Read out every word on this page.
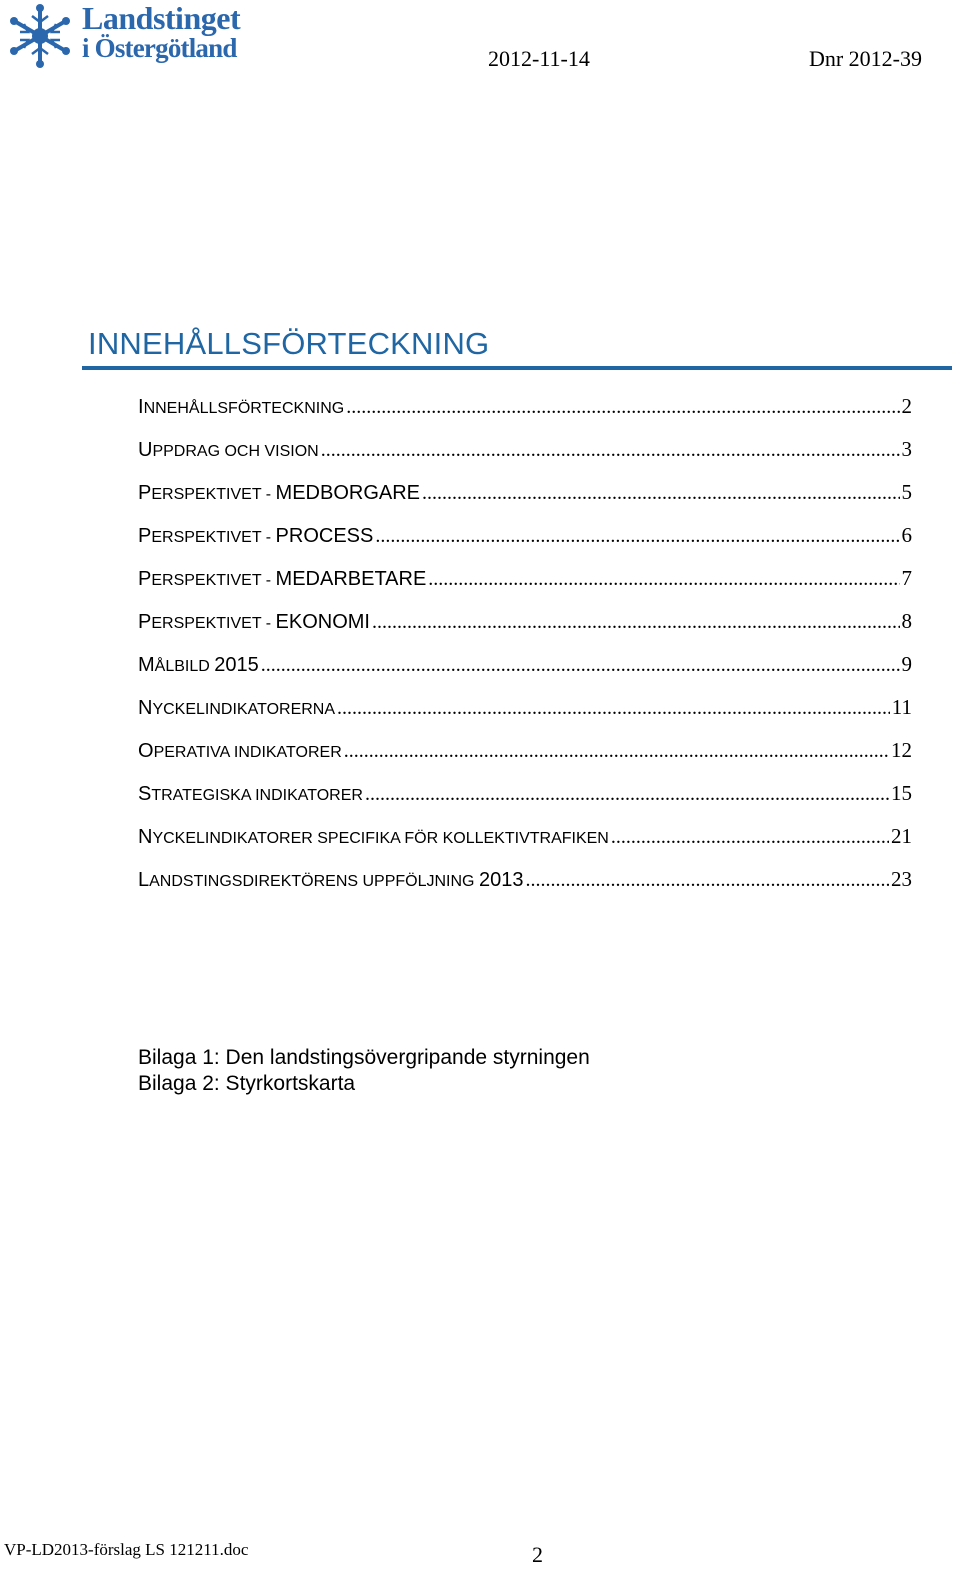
Landstinget
i Östergötland	2012-11-14	Dnr 2012-39
INNEHÅLLSFÖRTECKNING
INNEHÅLLSFÖRTECKNING .....	2
UPPDRAG OCH VISION .....	3
PERSPEKTIVET - MEDBORGARE .....	5
PERSPEKTIVET - PROCESS .....	6
PERSPEKTIVET - MEDARBETARE .....	7
PERSPEKTIVET - EKONOMI .....	8
MÅLBILD 2015 .....	9
NYCKELINDIKATORERNA .....	11
OPERATIVA INDIKATORER .....	12
STRATEGISKA INDIKATORER .....	15
NYCKELINDIKATORER SPECIFIKA FÖR KOLLEKTIVTRAFIKEN .....	21
LANDSTINGSDIREKTÖRENS UPPFÖLJNING 2013 .....	23
Bilaga 1: Den landstingsövergripande styrningen
Bilaga 2: Styrkortskarta
VP-LD2013-förslag LS 121211.doc	2
